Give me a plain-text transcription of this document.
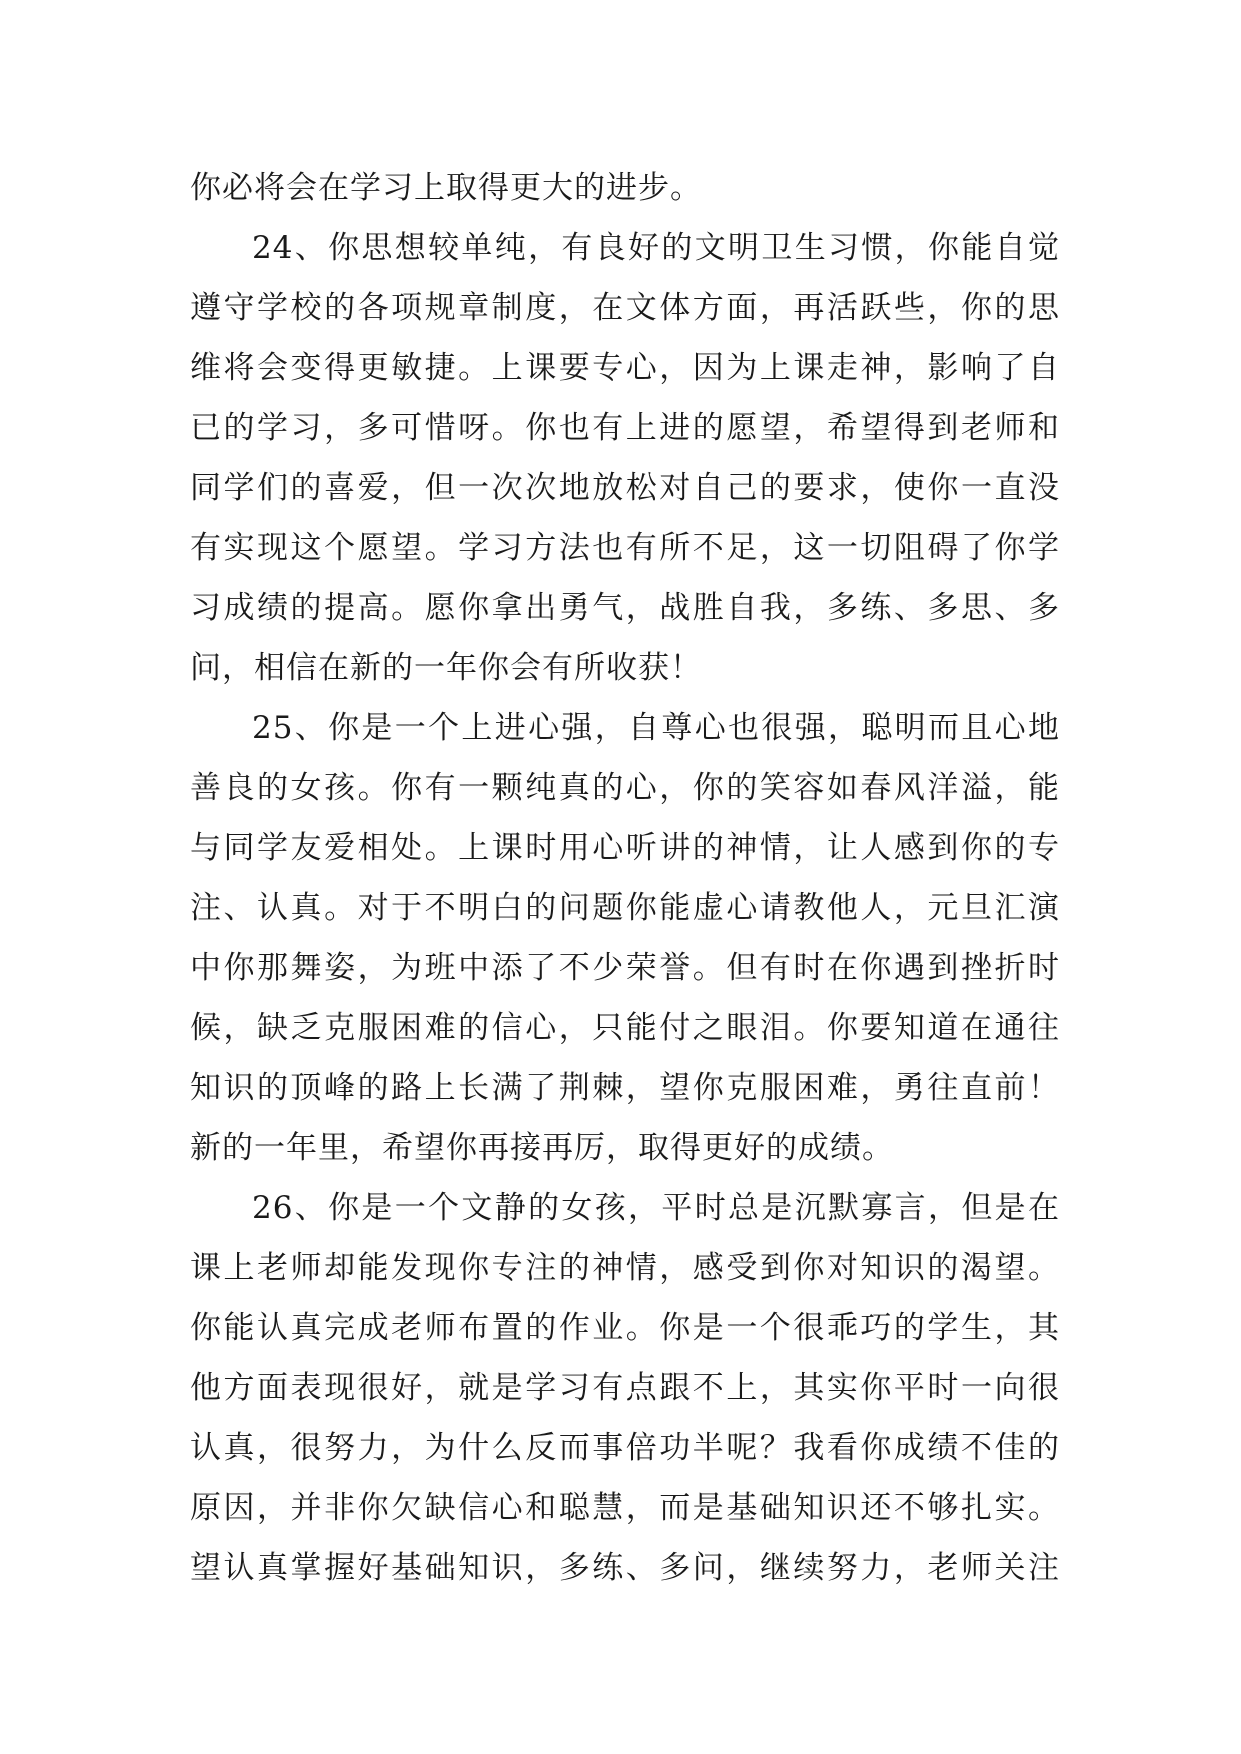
你必将会在学习上取得更大的进步。
24、你思想较单纯，有良好的文明卫生习惯，你能自觉
遵守学校的各项规章制度，在文体方面，再活跃些，你的思
维将会变得更敏捷。上课要专心，因为上课走神，影响了自
已的学习，多可惜呀。你也有上进的愿望，希望得到老师和
同学们的喜爱，但一次次地放松对自己的要求，使你一直没
有实现这个愿望。学习方法也有所不足，这一切阻碍了你学
习成绩的提高。愿你拿出勇气，战胜自我，多练、多思、多
问，相信在新的一年你会有所收获！
25、你是一个上进心强，自尊心也很强，聪明而且心地
善良的女孩。你有一颗纯真的心，你的笑容如春风洋溢，能
与同学友爱相处。上课时用心听讲的神情，让人感到你的专
注、认真。对于不明白的问题你能虚心请教他人，元旦汇演
中你那舞姿，为班中添了不少荣誉。但有时在你遇到挫折时
候，缺乏克服困难的信心，只能付之眼泪。你要知道在通往
知识的顶峰的路上长满了荆棘，望你克服困难，勇往直前！
新的一年里，希望你再接再厉，取得更好的成绩。
26、你是一个文静的女孩，平时总是沉默寡言，但是在
课上老师却能发现你专注的神情，感受到你对知识的渴望。
你能认真完成老师布置的作业。你是一个很乖巧的学生，其
他方面表现很好，就是学习有点跟不上，其实你平时一向很
认真，很努力，为什么反而事倍功半呢？我看你成绩不佳的
原因，并非你欠缺信心和聪慧，而是基础知识还不够扎实。
望认真掌握好基础知识，多练、多问，继续努力，老师关注
